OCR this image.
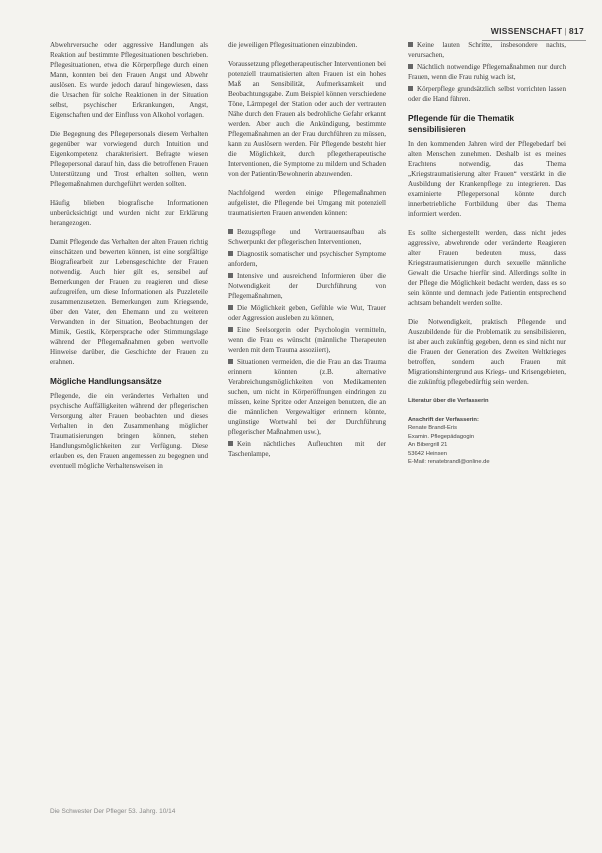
WISSENSCHAFT | 817

Abwehrversuche oder aggressive Handlungen als Reaktion auf bestimmte Pflegesituationen beschrieben. Pflegesituationen, etwa die Körperpflege durch einen Mann, konnten bei den Frauen Angst und Abwehr auslösen. Es wurde jedoch darauf hingewiesen, dass die Ursachen für solche Reaktionen in der Situation selbst, psychischer Erkrankungen, Angst, Eigenschaften und der Einfluss von Alkohol vorlagen.

Die Begegnung des Pflegepersonals diesem Verhalten gegenüber war vorwiegend durch Intuition und Eigenkompetenz charakterisiert. Befragte wiesen Pflegepersonal darauf hin, dass die betroffenen Frauen Unterstützung und Trost erhalten sollten, wenn Pflegemaßnahmen durchgeführt werden sollten.

Häufig blieben biografische Informationen unberücksichtigt und wurden nicht zur Erklärung herangezogen.

Damit Pflegende das Verhalten der alten Frauen richtig einschätzen und bewerten können, ist eine sorgfältige Biografiearbeit zur Lebensgeschichte der Frauen notwendig. Auch hier gilt es, sensibel auf Bemerkungen der Frauen zu reagieren und diese aufzugreifen, um diese Informationen als Puzzleteile zusammenzusetzen. Bemerkungen zum Kriegsende, über den Vater, den Ehemann und zu weiteren Verwandten in der Situation, Beobachtungen der Mimik, Gestik, Körpersprache oder Stimmungslage während der Pflegemaßnahmen geben wertvolle Hinweise darüber, die Geschichte der Frauen zu erahnen.

Mögliche Handlungsansätze

Pflegende, die ein verändertes Verhalten und psychische Auffälligkeiten während der pflegerischen Versorgung alter Frauen beobachten und dieses Verhalten in den Zusammenhang möglicher Traumatisierungen bringen können, stehen Handlungsmöglichkeiten zur Verfügung. Diese erlauben es, den Frauen angemessen zu begegnen und eventuell mögliche Verhaltensweisen in

die jeweiligen Pflegesituationen einzubinden.

Voraussetzung pflegetherapeutischer Interventionen bei potenziell traumatisierten alten Frauen ist ein hohes Maß an Sensibilität, Aufmerksamkeit und Beobachtungsgabe. Zum Beispiel können verschiedene Töne, Lärmpegel der Station oder auch der vertrauten Nähe durch den Frauen als bedrohliche Gefahr erkannt werden. Aber auch die Ankündigung, bestimmte Pflegemaßnahmen an der Frau durchführen zu müssen, kann zu Auslösern werden. Für Pflegende besteht hier die Möglichkeit, durch pflegetherapeutische Interventionen, die Symptome zu mildern und Schaden von der Patientin/Bewohnerin abzuwenden.

Nachfolgend werden einige Pflegemaßnahmen aufgelistet, die Pflegende bei Umgang mit potenziell traumatisierten Frauen anwenden können:

Bezugspflege und Vertrauensaufbau als Schwerpunkt der pflegerischen Interventionen,

Diagnostik somatischer und psychischer Symptome anfordern,

Intensive und ausreichend Informieren über die Notwendigkeit der Durchführung von Pflegemaßnahmen,

Die Möglichkeit geben, Gefühle wie Wut, Trauer oder Aggression ausleben zu können,

Eine Seelsorgerin oder Psychologin vermitteln, wenn die Frau es wünscht (männliche Therapeuten werden mit dem Trauma assoziiert),

Situationen vermeiden, die die Frau an das Trauma erinnern könnten (z.B. alternative Verabreichungsmöglichkeiten von Medikamenten suchen, um nicht in Körperöffnungen eindringen zu müssen, keine Spritze oder Anzeigen benutzen, die an die männlichen Vergewaltiger erinnern könnte, ungünstige Wortwahl bei der Durchführung pflegerischer Maßnahmen usw.),

Kein nächtliches Aufleuchten mit der Taschenlampe,

Keine lauten Schritte, insbesondere nachts, verursachen,

Nächtlich notwendige Pflegemaßnahmen nur durch Frauen, wenn die Frau ruhig wach ist,

Körperpflege grundsätzlich selbst vorrichten lassen oder die Hand führen.

Pflegende für die Thematik sensibilisieren

In den kommenden Jahren wird der Pflegebedarf bei alten Menschen zunehmen. Deshalb ist es meines Erachtens notwendig, das Thema „Kriegstraumatisierung alter Frauen“ verstärkt in die Ausbildung der Krankenpflege zu integrieren. Das examinierte Pflegepersonal könnte durch innerbetriebliche Fortbildung über das Thema informiert werden.

Es sollte sichergestellt werden, dass nicht jedes aggressive, abwehrende oder veränderte Reagieren alter Frauen bedeuten muss, dass Kriegstraumatisierungen durch sexuelle männliche Gewalt die Ursache hierfür sind. Allerdings sollte in der Pflege die Möglichkeit bedacht werden, dass es so sein könnte und demnach jede Patientin entsprechend achtsam behandelt werden sollte.

Die Notwendigkeit, praktisch Pflegende und Auszubildende für die Problematik zu sensibilisieren, ist aber auch zukünftig gegeben, denn es sind nicht nur die Frauen der Generation des Zweiten Weltkrieges betroffen, sondern auch Frauen mit Migrationshintergrund aus Kriegs- und Krisengebieten, die zukünftig pflegebedürftig sein werden.

Literatur über die Verfasserin
Anschrift der Verfasserin:
Renate Brandl-Eris
Examin. Pflegepädagogin
An Bibergrill 21
53642 Heinsen
E-Mail: renatebrandl@online.de
Die Schwester Der Pfleger 53. Jahrg. 10/14
